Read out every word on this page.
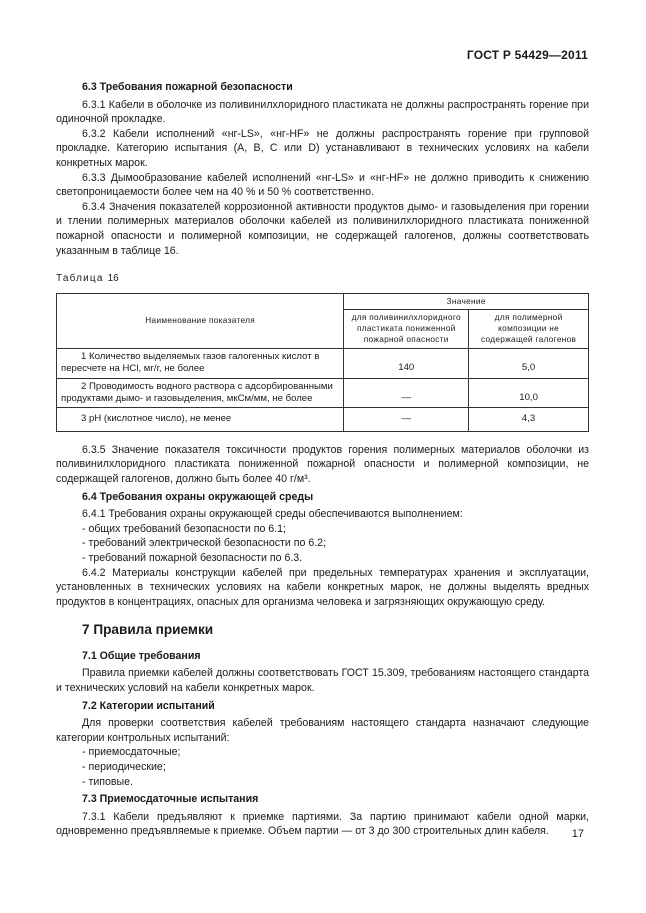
ГОСТ Р 54429—2011

6.3 Требования пожарной безопасности

6.3.1 Кабели в оболочке из поливинилхлоридного пластиката не должны распространять горение при одиночной прокладке.

6.3.2 Кабели исполнений «нг-LS», «нг-HF» не должны распространять горение при групповой прокладке. Категорию испытания (А, В, С или D) устанавливают в технических условиях на кабели конкретных марок.

6.3.3 Дымообразование кабелей исполнений «нг-LS» и «нг-HF» не должно приводить к снижению светопроницаемости более чем на 40 % и 50 % соответственно.

6.3.4 Значения показателей коррозионной активности продуктов дымо- и газовыделения при горении и тлении полимерных материалов оболочки кабелей из поливинилхлоридного пластиката пониженной пожарной опасности и полимерной композиции, не содержащей галогенов, должны соответствовать указанным в таблице 16.

Таблица 16
Наименование показателя	Значение	
	для поливинилхлоридного пластиката пониженной пожарной опасности	для полимерной композиции не содержащей галогенов
1 Количество выделяемых газов галогенных кислот в пересчете на HCl, мг/г, не более	140	5,0
2 Проводимость водного раствора с адсорбированными продуктами дымо- и газовыделения, мкСм/мм, не более	—	10,0
3 pH (кислотное число), не менее	—	4,3

6.3.5 Значение показателя токсичности продуктов горения полимерных материалов оболочки из поливинилхлоридного пластиката пониженной пожарной опасности и полимерной композиции, не содержащей галогенов, должно быть более 40 г/м³.

6.4 Требования охраны окружающей среды

6.4.1 Требования охраны окружающей среды обеспечиваются выполнением:

- общих требований безопасности по 6.1;

- требований электрической безопасности по 6.2;

- требований пожарной безопасности по 6.3.

6.4.2 Материалы конструкции кабелей при предельных температурах хранения и эксплуатации, установленных в технических условиях на кабели конкретных марок, не должны выделять вредных продуктов в концентрациях, опасных для организма человека и загрязняющих окружающую среду.

7 Правила приемки

7.1 Общие требования

Правила приемки кабелей должны соответствовать ГОСТ 15.309, требованиям настоящего стандарта и технических условий на кабели конкретных марок.

7.2 Категории испытаний

Для проверки соответствия кабелей требованиям настоящего стандарта назначают следующие категории контрольных испытаний:

- приемосдаточные;

- периодические;

- типовые.

7.3 Приемосдаточные испытания

7.3.1 Кабели предъявляют к приемке партиями. За партию принимают кабели одной марки, одновременно предъявляемые к приемке. Объем партии — от 3 до 300 строительных длин кабеля.	17
